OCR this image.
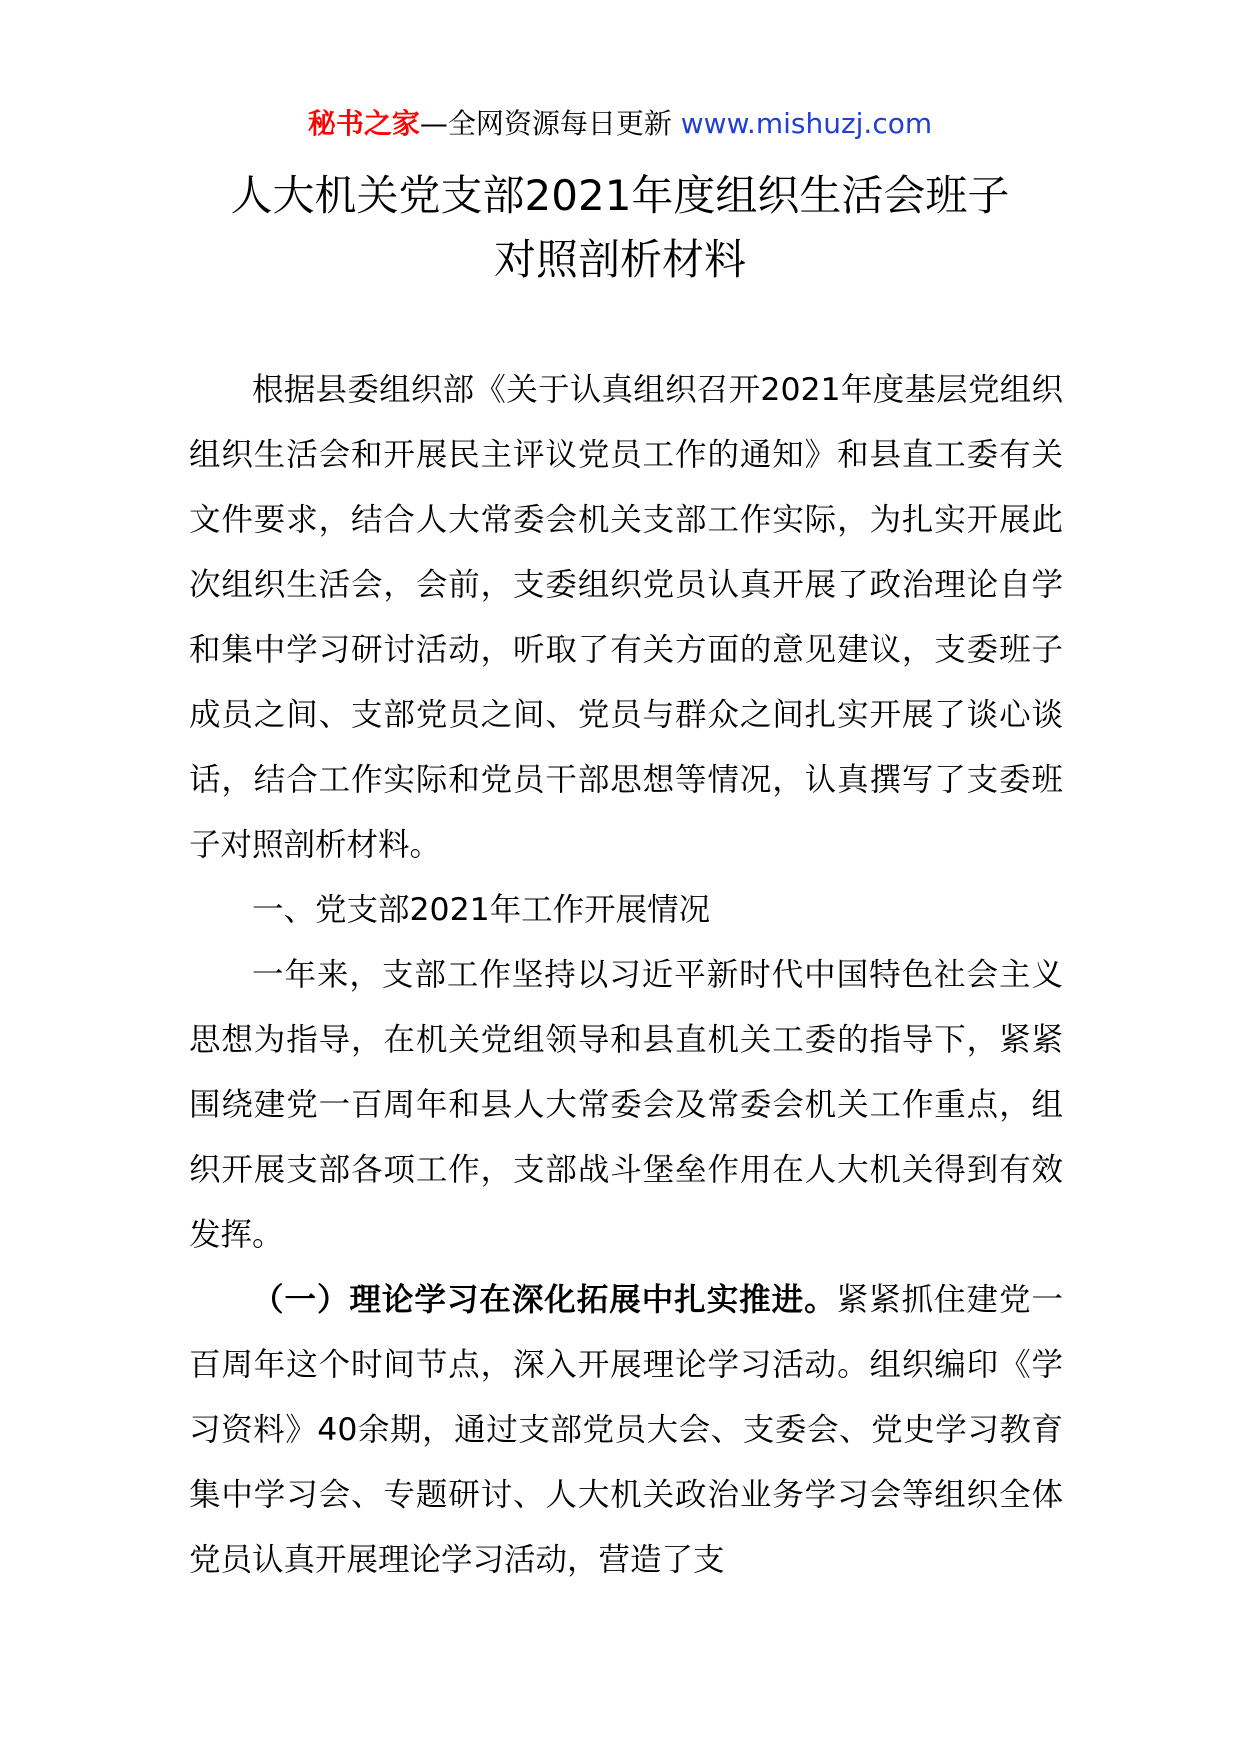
秘书之家—全网资源每日更新 www.mishuzj.com
人大机关党支部2021年度组织生活会班子
对照剖析材料

根据县委组织部《关于认真组织召开2021年度基层党组织组织生活会和开展民主评议党员工作的通知》和县直工委有关文件要求，结合人大常委会机关支部工作实际，为扎实开展此次组织生活会，会前，支委组织党员认真开展了政治理论自学和集中学习研讨活动，听取了有关方面的意见建议，支委班子成员之间、支部党员之间、党员与群众之间扎实开展了谈心谈话，结合工作实际和党员干部思想等情况，认真撰写了支委班子对照剖析材料。

一、党支部2021年工作开展情况

一年来，支部工作坚持以习近平新时代中国特色社会主义思想为指导，在机关党组领导和县直机关工委的指导下，紧紧围绕建党一百周年和县人大常委会及常委会机关工作重点，组织开展支部各项工作，支部战斗堡垒作用在人大机关得到有效发挥。

（一）理论学习在深化拓展中扎实推进。紧紧抓住建党一百周年这个时间节点，深入开展理论学习活动。组织编印《学习资料》40余期，通过支部党员大会、支委会、党史学习教育集中学习会、专题研讨、人大机关政治业务学习会等组织全体党员认真开展理论学习活动，营造了支
